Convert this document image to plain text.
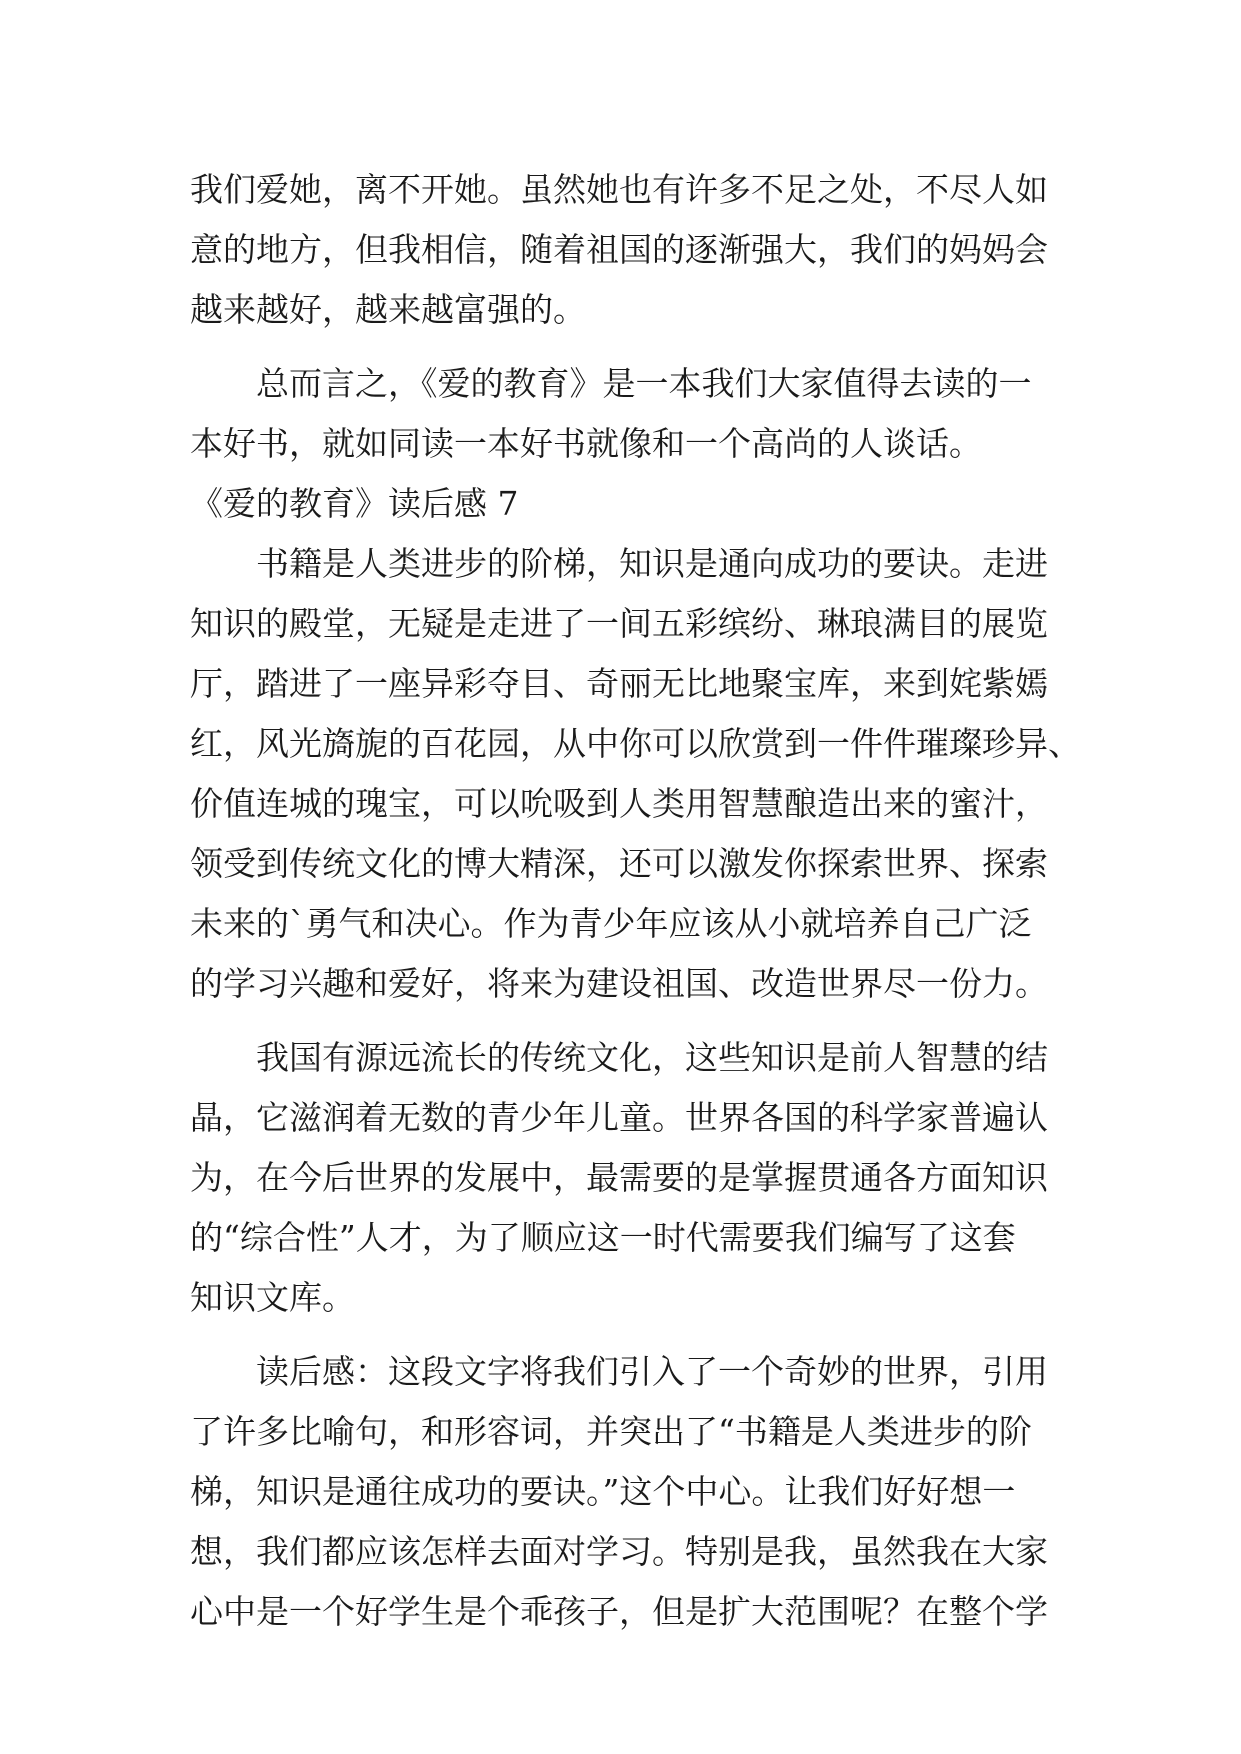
我们爱她，离不开她。虽然她也有许多不足之处，不尽人如
意的地方，但我相信，随着祖国的逐渐强大，我们的妈妈会
越来越好，越来越富强的。
　　总而言之，《爱的教育》是一本我们大家值得去读的一
本好书，就如同读一本好书就像和一个高尚的人谈话。
《爱的教育》读后感 7
　　书籍是人类进步的阶梯，知识是通向成功的要诀。走进
知识的殿堂，无疑是走进了一间五彩缤纷、琳琅满目的展览
厅，踏进了一座异彩夺目、奇丽无比地聚宝库，来到姹紫嫣
红，风光旖旎的百花园，从中你可以欣赏到一件件璀璨珍异、
价值连城的瑰宝，可以吮吸到人类用智慧酿造出来的蜜汁，
领受到传统文化的博大精深，还可以激发你探索世界、探索
未来的`勇气和决心。作为青少年应该从小就培养自己广泛
的学习兴趣和爱好，将来为建设祖国、改造世界尽一份力。
　　我国有源远流长的传统文化，这些知识是前人智慧的结
晶，它滋润着无数的青少年儿童。世界各国的科学家普遍认
为，在今后世界的发展中，最需要的是掌握贯通各方面知识
的“综合性”人才，为了顺应这一时代需要我们编写了这套
知识文库。
　　读后感：这段文字将我们引入了一个奇妙的世界，引用
了许多比喻句，和形容词，并突出了“书籍是人类进步的阶
梯，知识是通往成功的要诀。”这个中心。让我们好好想一
想，我们都应该怎样去面对学习。特别是我，虽然我在大家
心中是一个好学生是个乖孩子，但是扩大范围呢？在整个学
